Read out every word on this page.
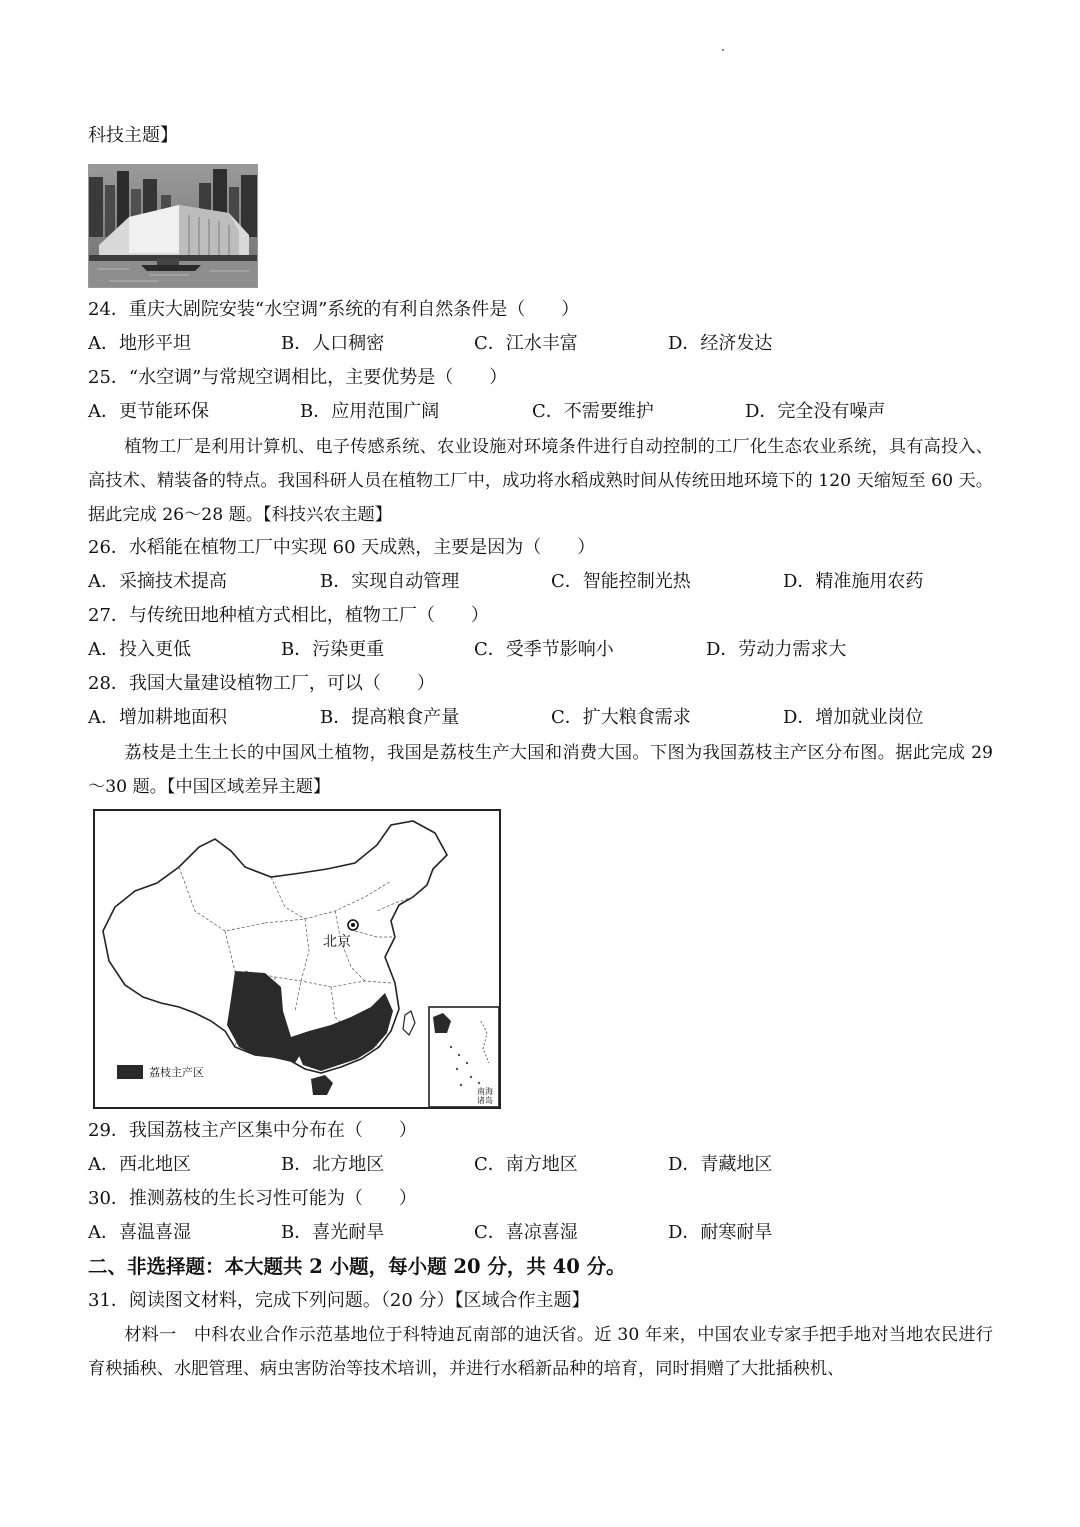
科技主题】
24．重庆大剧院安装“水空调”系统的有利自然条件是（　　）
A．地形平坦	B．人口稠密	C．江水丰富	D．经济发达
25．“水空调”与常规空调相比，主要优势是（　　）
A．更节能环保	B．应用范围广阔	C．不需要维护	D．完全没有噪声
植物工厂是利用计算机、电子传感系统、农业设施对环境条件进行自动控制的工厂化生态农业系统，具有高投入、高技术、精装备的特点。我国科研人员在植物工厂中，成功将水稻成熟时间从传统田地环境下的 120 天缩短至 60 天。据此完成 26～28 题。【科技兴农主题】
26．水稻能在植物工厂中实现 60 天成熟，主要是因为（　　）
A．采摘技术提高	B．实现自动管理	C．智能控制光热	D．精准施用农药
27．与传统田地种植方式相比，植物工厂（　　）
A．投入更低	B．污染更重	C．受季节影响小	D．劳动力需求大
28．我国大量建设植物工厂，可以（　　）
A．增加耕地面积	B．提高粮食产量	C．扩大粮食需求	D．增加就业岗位
荔枝是土生土长的中国风土植物，我国是荔枝生产大国和消费大国。下图为我国荔枝主产区分布图。据此完成 29～30 题。【中国区域差异主题】
北京
荔枝主产区
南海诸岛
29．我国荔枝主产区集中分布在（　　）
A．西北地区	B．北方地区	C．南方地区	D．青藏地区
30．推测荔枝的生长习性可能为（　　）
A．喜温喜湿	B．喜光耐旱	C．喜凉喜湿	D．耐寒耐旱
二、非选择题：本大题共 2 小题，每小题 20 分，共 40 分。
31．阅读图文材料，完成下列问题。（20 分）【区域合作主题】
材料一　中科农业合作示范基地位于科特迪瓦南部的迪沃省。近 30 年来，中国农业专家手把手地对当地农民进行育秧插秧、水肥管理、病虫害防治等技术培训，并进行水稻新品种的培育，同时捐赠了大批插秧机、
